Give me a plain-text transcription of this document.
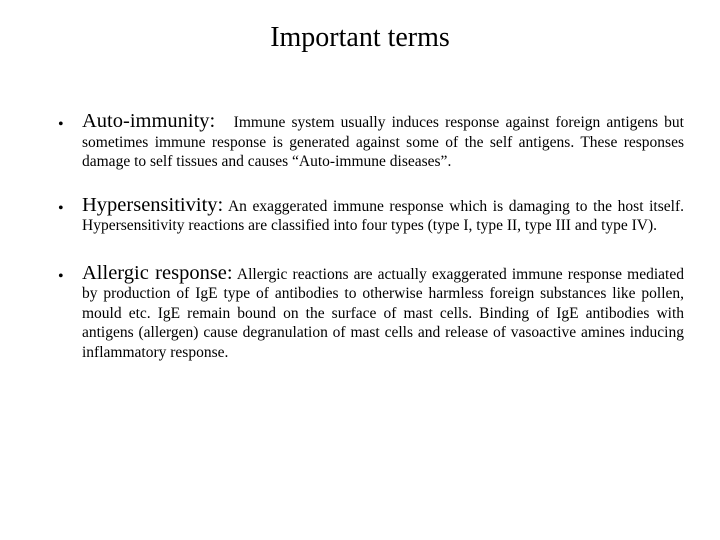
Important terms
• Auto-immunity: Immune system usually induces response against foreign antigens but sometimes immune response is generated against some of the self antigens. These responses damage to self tissues and causes “Auto-immune diseases”.
• Hypersensitivity: An exaggerated immune response which is damaging to the host itself. Hypersensitivity reactions are classified into four types (type I, type II, type III and type IV).
• Allergic response: Allergic reactions are actually exaggerated immune response mediated by production of IgE type of antibodies to otherwise harmless foreign substances like pollen, mould etc. IgE remain bound on the surface of mast cells. Binding of IgE antibodies with antigens (allergen) cause degranulation of mast cells and release of vasoactive amines inducing inflammatory response.
